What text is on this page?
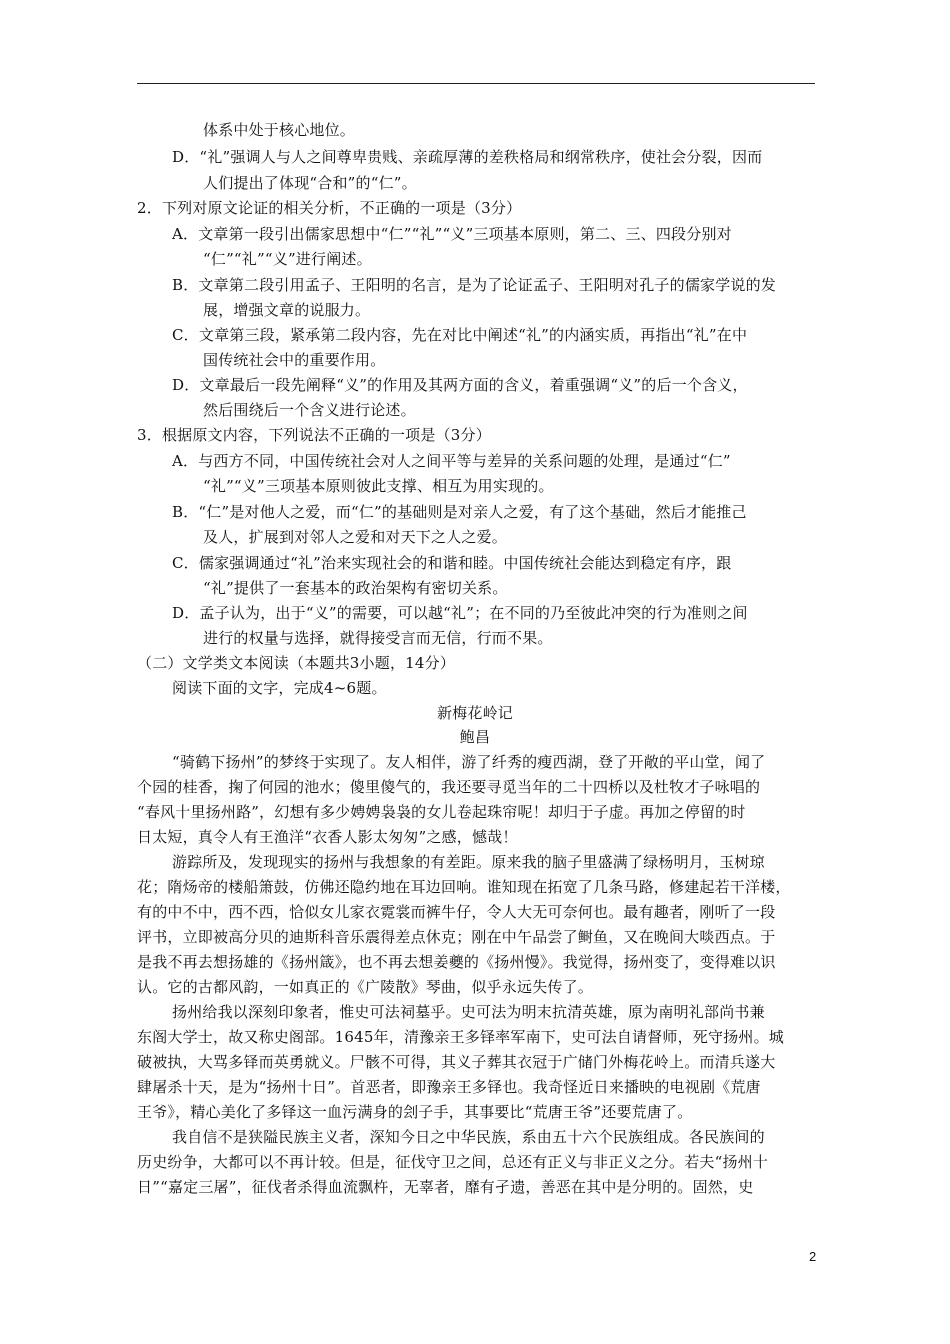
体系中处于核心地位。
D．“礼”强调人与人之间尊卑贵贱、亲疏厚薄的差秩格局和纲常秩序，使社会分裂，因而
人们提出了体现“合和”的“仁”。
2．下列对原文论证的相关分析，不正确的一项是（3分）
A．文章第一段引出儒家思想中“仁”“礼”“义”三项基本原则，第二、三、四段分别对
“仁”“礼”“义”进行阐述。
B．文章第二段引用孟子、王阳明的名言，是为了论证孟子、王阳明对孔子的儒家学说的发
展，增强文章的说服力。
C．文章第三段，紧承第二段内容，先在对比中阐述“礼”的内涵实质，再指出“礼”在中
国传统社会中的重要作用。
D．文章最后一段先阐释“义”的作用及其两方面的含义，着重强调“义”的后一个含义，
然后围绕后一个含义进行论述。
3．根据原文内容，下列说法不正确的一项是（3分）
A．与西方不同，中国传统社会对人之间平等与差异的关系问题的处理，是通过“仁”
“礼”“义”三项基本原则彼此支撑、相互为用实现的。
B．“仁”是对他人之爱，而“仁”的基础则是对亲人之爱，有了这个基础，然后才能推己
及人，扩展到对邻人之爱和对天下之人之爱。
C．儒家强调通过“礼”治来实现社会的和谐和睦。中国传统社会能达到稳定有序，跟
“礼”提供了一套基本的政治架构有密切关系。
D．孟子认为，出于“义”的需要，可以越“礼”；在不同的乃至彼此冲突的行为准则之间
进行的权量与选择，就得接受言而无信，行而不果。
（二）文学类文本阅读（本题共3小题，14分）
阅读下面的文字，完成4~6题。
新梅花岭记
鲍昌
“骑鹤下扬州”的梦终于实现了。友人相伴，游了纤秀的瘦西湖，登了开敞的平山堂，闻了
个园的桂香，掬了何园的池水；傻里傻气的，我还要寻觅当年的二十四桥以及杜牧才子咏唱的
“春风十里扬州路”，幻想有多少娉娉袅袅的女儿卷起珠帘呢！却归于子虚。再加之停留的时
日太短，真令人有王渔洋“衣香人影太匆匆”之感，憾哉！
游踪所及，发现现实的扬州与我想象的有差距。原来我的脑子里盛满了绿杨明月，玉树琼
花；隋炀帝的楼船箫鼓，仿佛还隐约地在耳边回响。谁知现在拓宽了几条马路，修建起若干洋楼，
有的中不中，西不西，恰似女儿家衣霓裳而裤牛仔，令人大无可奈何也。最有趣者，刚听了一段
评书，立即被高分贝的迪斯科音乐震得差点休克；刚在中午品尝了鲥鱼，又在晚间大啖西点。于
是我不再去想扬雄的《扬州箴》，也不再去想姜夔的《扬州慢》。我觉得，扬州变了，变得难以识
认。它的古都风韵，一如真正的《广陵散》琴曲，似乎永远失传了。
扬州给我以深刻印象者，惟史可法祠墓乎。史可法为明末抗清英雄，原为南明礼部尚书兼
东阁大学士，故又称史阁部。1645年，清豫亲王多铎率军南下，史可法自请督师，死守扬州。城
破被执，大骂多铎而英勇就义。尸骸不可得，其义子葬其衣冠于广储门外梅花岭上。而清兵遂大
肆屠杀十天，是为“扬州十日”。首恶者，即豫亲王多铎也。我奇怪近日来播映的电视剧《荒唐
王爷》，精心美化了多铎这一血污满身的刽子手，其事要比“荒唐王爷”还要荒唐了。
我自信不是狭隘民族主义者，深知今日之中华民族，系由五十六个民族组成。各民族间的
历史纷争，大都可以不再计较。但是，征伐守卫之间，总还有正义与非正义之分。若夫“扬州十
日”“嘉定三屠”，征伐者杀得血流飘杵，无辜者，靡有孑遗，善恶在其中是分明的。固然，史
2
